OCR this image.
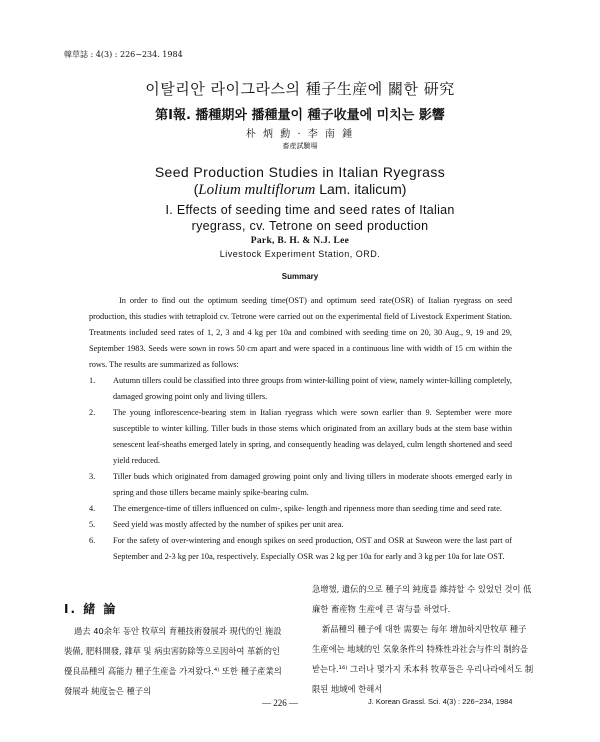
韓草誌 : 4(3) : 226~234. 1984
이탈리안 라이그라스의 種子生産에 關한 研究
第Ⅰ報. 播種期와 播種量이 種子收量에 미치는 影響
朴 炳 勳 · 李 南 鍾
畜産試驗場
Seed Production Studies in Italian Ryegrass
(Lolium multiflorum Lam. italicum)
Ⅰ. Effects of seeding time and seed rates of Italian ryegrass, cv. Tetrone on seed production
Park, B. H. & N.J. Lee
Livestock Experiment Station, ORD.
Summary

In order to find out the optimum seeding time(OST) and optimum seed rate(OSR) of Italian ryegrass on seed production, this studies with tetraploid cv. Tetrone were carried out on the experimental field of Livestock Experiment Station. Treatments included seed rates of 1, 2, 3 and 4 kg per 10a and combined with seeding time on 20, 30 Aug., 9, 19 and 29, September 1983. Seeds were sown in rows 50 cm apart and were spaced in a continuous line with width of 15 cm within the rows. The results are summarized as follows:

1. Autumn tillers could be classified into three groups from winter-killing point of view, namely winter-killing completely, damaged growing point only and living tillers.
2. The young inflorescence-bearing stem in Italian ryegrass which were sown earlier than 9. September were more susceptible to winter killing. Tiller buds in those stems which originated from an axillary buds at the stem base within senescent leaf-sheaths emerged lately in spring, and consequently heading was delayed, culm length shortened and seed yield reduced.
3. Tiller buds which originated from damaged growing point only and living tillers in moderate shoots emerged early in spring and those tillers became mainly spike-bearing culm.
4. The emergence-time of tillers influenced on culm-, spike- length and ripenness more than seeding time and seed rate.
5. Seed yield was mostly affected by the number of spikes per unit area.
6. For the safety of over-wintering and enough spikes on seed production, OST and OSR at Suweon were the last part of September and 2-3 kg per 10a, respectively. Especially OSR was 2 kg per 10a for early and 3 kg per 10a for late OST.
Ⅰ. 緒 論

過去 40余年 동안 牧草의 育種技術發展과 現代的인 施設裝備, 肥料開發, 雜草 및 病虫害防除等으로因하여 革新的인 優良品種의 高能力 種子生産을 가져왔다.⁴⁾ 또한 種子產業의 發展과 純度높은 種子의

急增했, 遺伝的으로 種子의 純度를 維持할 수 있었던 것이 低廉한 畜産物 生産에 큰 寄与를 하였다.

新品種의 種子에 대한 需要는 每年 增加하지만牧草 種子生産에는 地域的인 気象条件의 特殊性과社会与件의 制約을 받는다.¹⁶⁾ 그러나 몇가지 禾本科 牧草들은 우리나라에서도 制限된 地域에 한해서

— 226 —	J. Korean Grassl. Sci. 4(3) : 226~234, 1984
